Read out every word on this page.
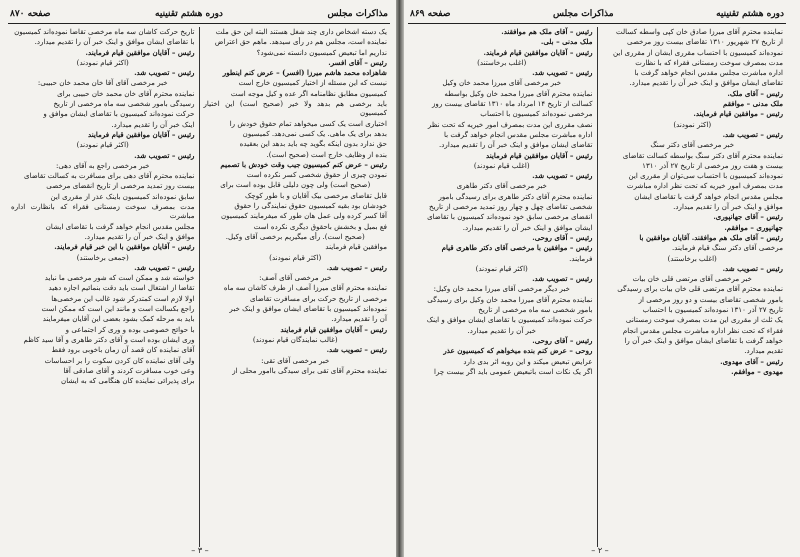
مذاکرات مجلس
دوره هشتم تقنینیه
صفحه ۸۷۰

یک دسته اشخاص داری چند شغل هستند البته این حق ملت

نماینده است، مجلس هم در رأی سیدهد. ماهم حق اعتراض

نداریم اما تبعیض کمیسیون دانسته نمی‌شود؟

رئیس – آقای افسر.

شاهزاده محمد هاشم میرزا (افسر) – عرض کنم اینطور

نیست که این مسئله از اختیار کمیسیون خارج است

کمیسیون مطابق نظامنامه اگر عده و کیل موجه است

باید برخصی هم بدهد ولا خیر (صحیح است) این اختیار کمیسیون

اختیاری است یک کسی میخواهد تمام حقوق خودش را

بدهد برای یک ماهی. یک کسی نمی‌دهد. کمیسیون

حق ندارد بدون اینکه بگوید چه باید بدهد این بعقیده

بنده از وظایف خارج است (صحیح است).

رئیس – عرض کنم کمیسیون جیب وقت خودش با تصمیم

نمودن چیزی از حقوق شخصی کسر نکرده است

(صحیح است) ولی چون دلیلی قابل بوده است برای

قابل تقاضای مرخصی بیک آقایان و با طور کوچک

خودشان بود بقیه کمیسیون حقوق نمایندگی را حقوق

آقا کسر کرده ولی عمل هان طور که میفرمایند کمیسیون

فع بمیل و بخشش باحقوق دیگری نکرده است

(صحیح است). رأی میگیریم برخصی آقای وکیل.

موافقین قیام فرمایند

(اکثر قیام نمودند)

رئیس – تصویب شد.

خبر مرخصی آقای آصف:

نماینده محترم آقای میرزا آصف از طرف کاشان سه ماه

مرخصی از تاریخ حرکت برای مسافرت تقاضای

نموده‌اند کمیسیون با تقاضای ایشان موافق و اینک خبر

آن را تقدیم میدارد.

رئیس – آقایان موافقین قیام فرمایند

(غالب نمایندگان قیام نمودند)

رئیس – تصویب شد.

خبر مرخصی آقای تقی:

نماینده محترم آقای تقی برای سیدگی باامور محلی از

تاریخ حرکت کاشان سه ماه مرخصی تقاضا نموده‌اند کمیسیون

با تقاضای ایشان موافق و اینک خبر آن را تقدیم میدارد.

رئیس – آقایان موافقین قیام فرمایند.

(اکثر قیام نمودند)

رئیس – تصویب شد.

خبر مرخصی آقای آقا خان محمد خان حبیبی:

نماینده محترم آقای خان محمد خان حبیبی برای

رسیدگی بامور شخصی سه ماه مرخصی از تاریخ

حرکت نموده‌اند کمیسیون با تقاضای ایشان موافق و

اینک خبر آن را تقدیم میدارد.

رئیس – آقایان موافقین قیام فرمایند

(اکثر قیام نمودند)

رئیس – تصویب شد.

خبر مرخصی راجع به آقای دهی:

نماینده محترم آقای دهی برای مسافرت به کسالت تقاضای

بیست روز تمدید مرخصی از تاریخ انقضای مرخصی

سابق نموده‌اند کمیسیون باینک عذر از مقرری این

مدت بمصرف سوخت زمستانی فقراء که بانظارت اداره مباشرت

مجلس مقدس انجام خواهد گرفت با تقاضای ایشان

موافق و اینک خبر آن را تقدیم میدارد.

رئیس – آقایان موافقین با این خبر قیام فرمایند.

(جمعی برخاستند)

رئیس – تصویب شد.

خواسته شد و ممکن است که شور مرخصی ما نباید

تقاضا از اشتغال است باید دقت بنمائیم اجازه دهید

اولا لازم است کمتدرکر شود غالب این مرخصی‌ها

راجع بکسالت است و مانند این است که ممکن است

باید به مرحله کمک بشود بعضی این آقایان میفرمایند

با حوائج خصوصی بوده و وری کر اجتماعی و

وری ایشان بوده است و آقای دکتر طاهری و آقا سید کاظم

آقای نماینده کان قصد آن زمان باخوبی برود فقط

ولی آقای نماینده کان کردن سکوت را بر احساسات

وعی خوب مسافرت کردند و آقای صادقی آقا

برای پذیرائی نماینده کان هنگامی که به ایشان

– ۳ –
دوره هشتم تقنینیه
مذاکرات مجلس
صفحه ۸۶۹

نماینده محترم آقای میرزا صادق خان کپی واسطه کسالت

از تاریخ ۲۷ شهریور ۱۳۱۰ تقاضای بیست روز مرخصی

نموده‌اند کمیسیون با احتساب مقرری ایشان از مقرری این

مدت بمصرف سوخت زمستانی فقراء که با نظارت

اداره مباشرت مجلس مقدس انجام خواهد گرفت با

تقاضای ایشان موافق و اینک خبر آن را تقدیم میدارد.

رئیس – آقای ملک.

ملک مدنی – موافقم

رئیس – موافقین قیام فرمایند.

(اکثر نمودند)

رئیس – تصویب شد.

خبر مرخصی آقای دکتر سنگ

نماینده محترم آقای دکتر سنگ بواسطه کسالت تقاضای

بیست و هفت روز مرخصی از تاریخ ۲۷ آذر ۱۳۱۰

نموده‌اند کمیسیون با احتساب سی‌توان از مقرری این

مدت بمصرف امور خیریه که تحت نظر اداره مباشرت

مجلس مقدس انجام خواهد گرفت با تقاضای ایشان

موافق و اینک خبر آن را تقدیم میدارد.

رئیس – آقای جهانپوری.

جهانپوری – موافقم.

رئیس – آقای ملک هم موافقند. آقایان موافقین با

مرخصی آقای دکتر سنگ قیام فرمایند.

(اغلب برخاستند)

رئیس – تصویب شد.

خبر مرخصی آقای مرتضی قلی خان بیات

نماینده محترم آقای مرتضی قلی خان بیات برای رسیدگی

بامور شخصی تقاضای بیست و دو روز مرخصی از

تاریخ ۲۷ آذر ۱۳۱۰ نموده‌اند کمیسیون با احتساب

یک ثلث از مقرری این مدت بمصرف سوخت زمستانی

فقراء که تحت نظر اداره مباشرت مجلس مقدس انجام

خواهد گرفت با تقاضای ایشان موافق و اینک خبر آن را

تقدیم میدارد.

رئیس – آقای مهدوی.

مهدوی – موافقم.

رئیس – آقای ملک هم موافقند.

ملک مدنی – بلی.

رئیس – آقایان موافقین قیام فرمایند.

(اغلب برخاستند)

رئیس – تصویب شد.

خبر مرخصی آقای میرزا محمد خان وکیل

نماینده محترم آقای میرزا محمد خان وکیل بواسطه

کسالت از تاریخ ۱۴ امرداد ماه ۱۳۱۰ تقاضای بیست روز

مرخصی نموده‌اند کمیسیون با احتساب

نصف مقرری این مدت بمصرف امور خیریه که تحت نظر

اداره مباشرت مجلس مقدس انجام خواهد گرفت با

تقاضای ایشان موافق و اینک خبر آن را تقدیم میدارد.

رئیس – آقایان موافقین قیام فرمایند

(اغلب قیام نمودند)

رئیس – تصویب شد.

خبر مرخصی آقای دکتر طاهری

نماینده محترم آقای دکتر طاهری برای رسیدگی بامور

شخصی تقاضای چهل و چهار روز تمدید مرخصی از تاریخ

انقضای مرخصی سابق خود نموده‌اند کمیسیون با تقاضای

ایشان موافق و اینک خبر آن را تقدیم میدارد.

رئیس – آقای روحی.

رئیس – موافقین با مرخصی آقای دکتر طاهری قیام

فرمایند.

(اکثر قیام نمودند)

رئیس – تصویب شد.

خبر دیگر مرخصی آقای میرزا محمد خان وکیل:

نماینده محترم آقای میرزا محمد خان وکیل برای رسیدگی

بامور شخصی سه ماه مرخصی از تاریخ

حرکت نموده‌اند کمیسیون با تقاضای ایشان موافق و اینک

خبر آن را تقدیم میدارد.

رئیس – آقای روحی.

روحی – عرض کنم بنده میخواهم که کمیسیون عذر

عرایض تبعیض میکند و این روبه اثر بدی دارد

اگر یک نکات است باتبعیض عمومی باید اگر بیست چرا

– ۲ –
